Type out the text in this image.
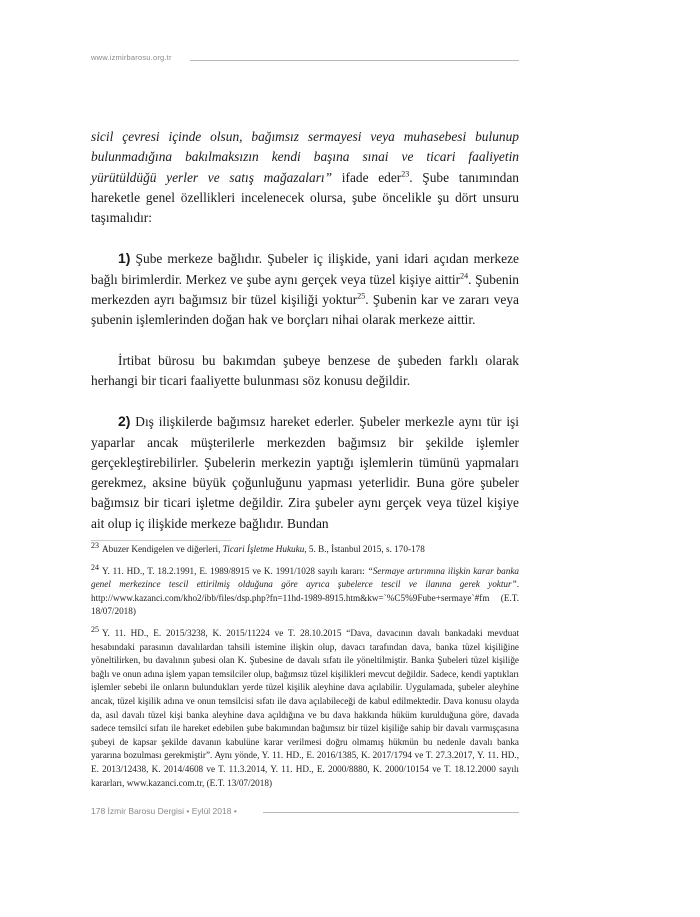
www.izmirbarosu.org.tr

sicil çevresi içinde olsun, bağımsız sermayesi veya muhasebesi bulunup bulunmadığına bakılmaksızın kendi başına sınai ve ticari faaliyetin yürütüldüğü yerler ve satış mağazaları” ifade eder$^{23}$. Şube tanımından hareketle genel özellikleri incelenecek olursa, şube öncelikle şu dört unsuru taşımalıdır:

1) Şube merkeze bağlıdır. Şubeler iç ilişkide, yani idari açıdan merkeze bağlı birimlerdir. Merkez ve şube aynı gerçek veya tüzel kişiye aittir$^{24}$. Şubenin merkezden ayrı bağımsız bir tüzel kişiliği yoktur$^{25}$. Şubenin kar ve zararı veya şubenin işlemlerinden doğan hak ve borçları nihai olarak merkeze aittir.

İrtibat bürosu bu bakımdan şubeye benzese de şubeden farklı olarak herhangi bir ticari faaliyette bulunması söz konusu değildir.

2) Dış ilişkilerde bağımsız hareket ederler. Şubeler merkezle aynı tür işi yaparlar ancak müşterilerle merkezden bağımsız bir şekilde işlemler gerçekleştirebilirler. Şubelerin merkezin yaptığı işlemlerin tümünü yapmaları gerekmez, aksine büyük çoğunluğunu yapması yeterlidir. Buna göre şubeler bağımsız bir ticari işletme değildir. Zira şubeler aynı gerçek veya tüzel kişiye ait olup iç ilişkide merkeze bağlıdır. Bundan

23 Abuzer Kendigelen ve diğerleri, Ticari İşletme Hukuku, 5. B., İstanbul 2015, s. 170-178

24 Y. 11. HD., T. 18.2.1991, E. 1989/8915 ve K. 1991/1028 sayılı kararı: “Sermaye artırımına ilişkin karar banka genel merkezince tescil ettirilmiş olduğuna göre ayrıca şubelerce tescil ve ilanına gerek yoktur”. http://www.kazanci.com/kho2/ibb/files/dsp.php?fn=11hd-1989-8915.htm&kw=`%C5%9Fube+sermaye`#fm (E.T. 18/07/2018)

25 Y. 11. HD., E. 2015/3238, K. 2015/11224 ve T. 28.10.2015 “Dava, davacının davalı bankadaki mevduat hesabındaki parasının davalılardan tahsili istemine ilişkin olup, davacı tarafından dava, banka tüzel kişiliğine yöneltilirken, bu davalının şubesi olan K. Şubesine de davalı sıfatı ile yöneltilmiştir. Banka Şubeleri tüzel kişiliğe bağlı ve onun adına işlem yapan temsilciler olup, bağımsız tüzel kişilikleri mevcut değildir. Sadece, kendi yaptıkları işlemler sebebi ile onların bulundukları yerde tüzel kişilik aleyhine dava açılabilir. Uygulamada, şubeler aleyhine ancak, tüzel kişilik adına ve onun temsilcisi sıfatı ile dava açılabileceği de kabul edilmektedir. Dava konusu olayda da, asıl davalı tüzel kişi banka aleyhine dava açıldığına ve bu dava hakkında hüküm kurulduğuna göre, davada sadece temsilci sıfatı ile hareket edebilen şube bakımından bağımsız bir tüzel kişiliğe sahip bir davalı varmışçasına şubeyi de kapsar şekilde davanın kabulüne karar verilmesi doğru olmamış hükmün bu nedenle davalı banka yararına bozulması gerekmiştir”. Aynı yönde, Y. 11. HD., E. 2016/1385, K. 2017/1794 ve T. 27.3.2017, Y. 11. HD., E. 2013/12438, K. 2014/4608 ve T. 11.3.2014, Y. 11. HD., E. 2000/8880, K. 2000/10154 ve T. 18.12.2000 sayılı kararları, www.kazanci.com.tr, (E.T. 13/07/2018)

178 İzmir Barosu Dergisi • Eylül 2018 •
